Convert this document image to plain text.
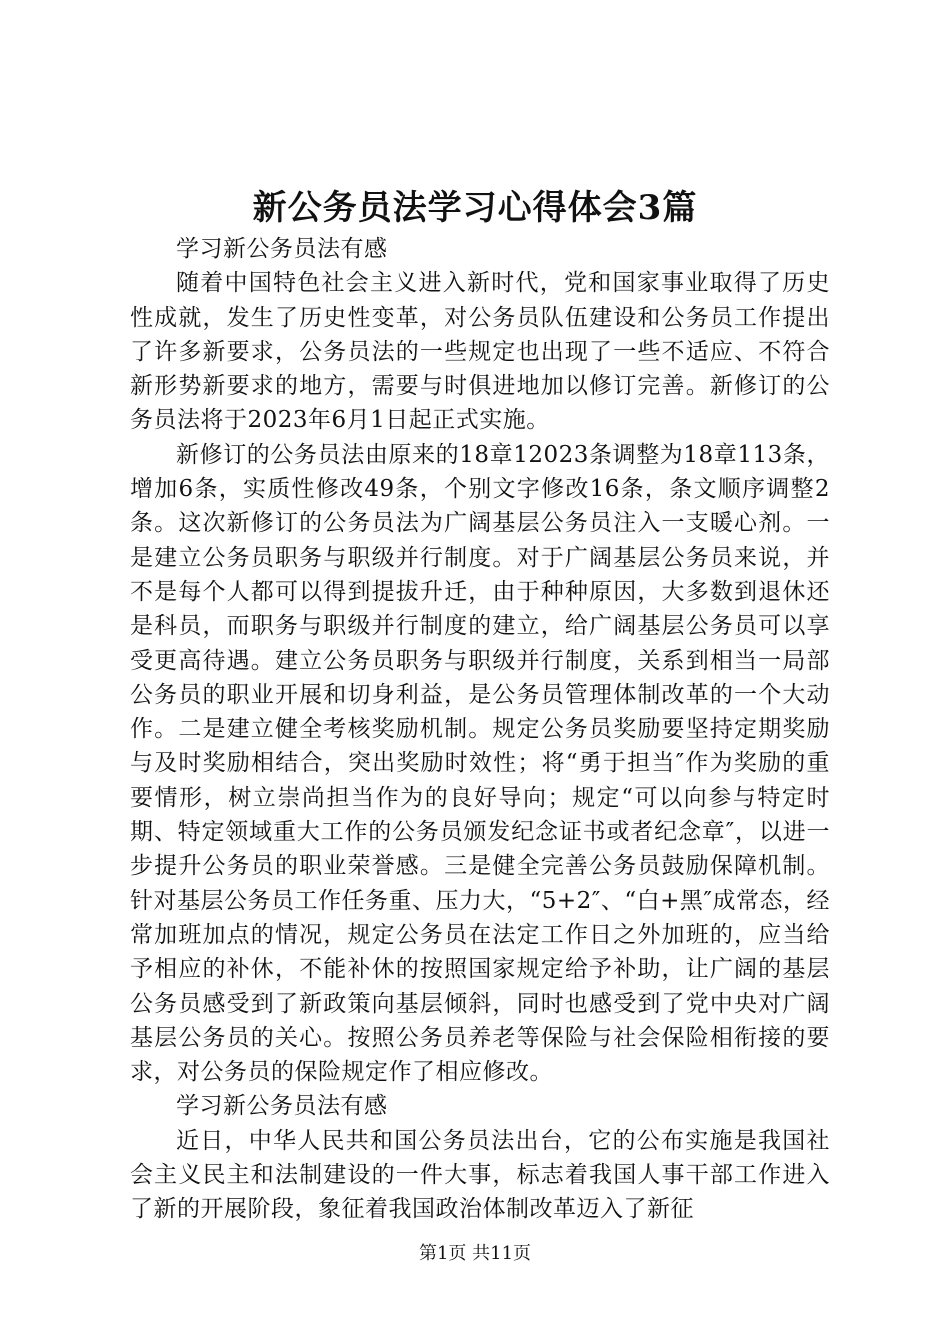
新公务员法学习心得体会3篇

学习新公务员法有感

随着中国特色社会主义进入新时代，党和国家事业取得了历史性成就，发生了历史性变革，对公务员队伍建设和公务员工作提出了许多新要求，公务员法的一些规定也出现了一些不适应、不符合新形势新要求的地方，需要与时俱进地加以修订完善。新修订的公务员法将于2023年6月1日起正式实施。

新修订的公务员法由原来的18章12023条调整为18章113条，增加6条，实质性修改49条，个别文字修改16条，条文顺序调整2条。这次新修订的公务员法为广阔基层公务员注入一支暖心剂。一是建立公务员职务与职级并行制度。对于广阔基层公务员来说，并不是每个人都可以得到提拔升迁，由于种种原因，大多数到退休还是科员，而职务与职级并行制度的建立，给广阔基层公务员可以享受更高待遇。建立公务员职务与职级并行制度，关系到相当一局部公务员的职业开展和切身利益，是公务员管理体制改革的一个大动作。二是建立健全考核奖励机制。规定公务员奖励要坚持定期奖励与及时奖励相结合，突出奖励时效性；将“勇于担当″作为奖励的重要情形，树立崇尚担当作为的良好导向；规定“可以向参与特定时期、特定领域重大工作的公务员颁发纪念证书或者纪念章″，以进一步提升公务员的职业荣誉感。三是健全完善公务员鼓励保障机制。针对基层公务员工作任务重、压力大，“5+2″、“白+黑″成常态，经常加班加点的情况，规定公务员在法定工作日之外加班的，应当给予相应的补休，不能补休的按照国家规定给予补助，让广阔的基层公务员感受到了新政策向基层倾斜，同时也感受到了党中央对广阔基层公务员的关心。按照公务员养老等保险与社会保险相衔接的要求，对公务员的保险规定作了相应修改。

学习新公务员法有感

近日，中华人民共和国公务员法出台，它的公布实施是我国社会主义民主和法制建设的一件大事，标志着我国人事干部工作进入了新的开展阶段，象征着我国政治体制改革迈入了新征

第1页 共11页
